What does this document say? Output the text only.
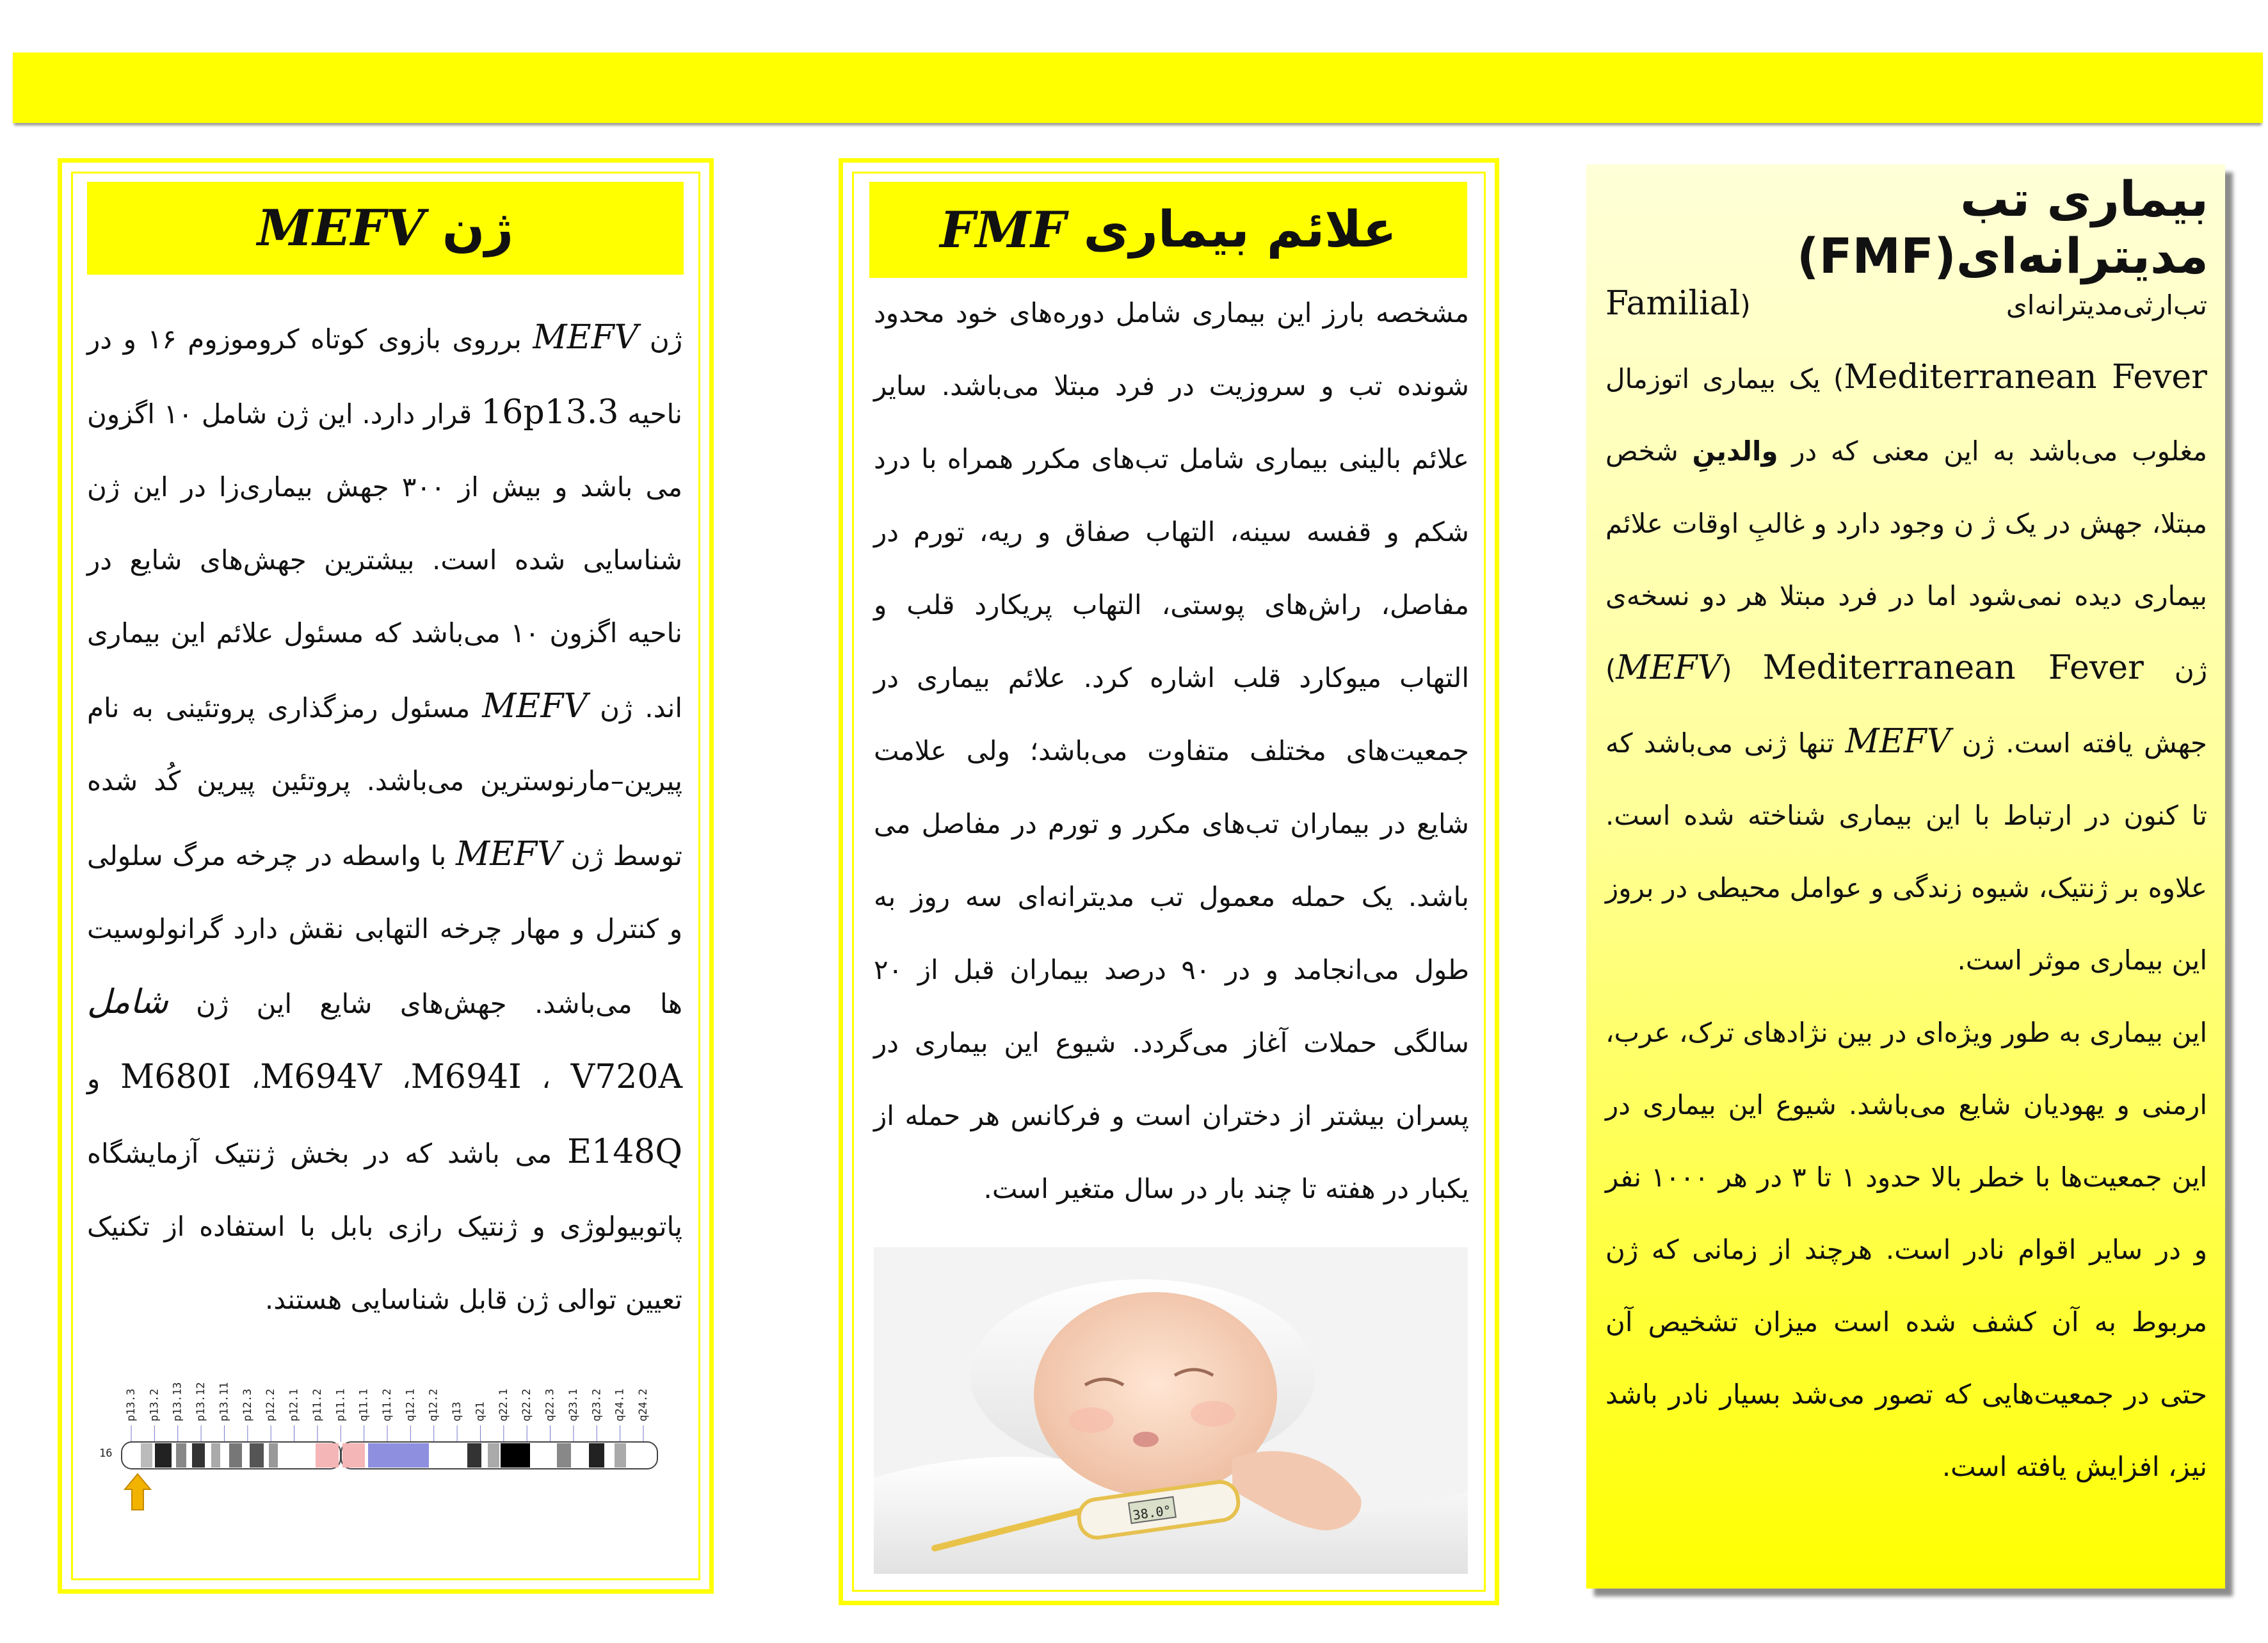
ژن

MEFV

ژن MEFV برروی بازوی کوتاه کروموزوم ۱۶ و در ناحیه 16p13.3 قرار دارد. این ژن شامل ۱۰ اگزون می باشد و بیش از ۳۰۰ جهش بیماری‌زا در این ژن شناسایی شده است. بیشترین جهش‌های شایع در ناحیه اگزون ۱۰ می‌باشد که مسئول علائم این بیماری اند. ژن MEFV مسئول رمزگذاری پروتئینی به نام پیرین–مارنوسترین می‌باشد. پروتئین پیرین کُد شده توسط ژن MEFV با واسطه در چرخه مرگ سلولی و کنترل و مهار چرخه التهابی نقش دارد گرانولوسیت ها می‌باشد. جهش‌های شایع این ژن شامل V720A ، M694I، M694V، M680I و E148Q می باشد که در بخش ژنتیک آزمایشگاه پاتوبیولوژی و ژنتیک رازی بابل با استفاده از تکنیک تعیین توالی ژن قابل شناسایی هستند.

p13.3 p13.2 p13.13 p13.12 p13.11 p12.3 p12.2 p12.1 p11.2 p11.1 q11.1 q11.2 q12.1 q12.2 q13 q21 q22.1 q22.2 q22.3 q23.1 q23.2 q24.1 q24.2
16
علائم بیماری

FMF

مشخصه بارز این بیماری شامل دوره‌های خود محدود شونده تب و سروزیت در فرد مبتلا می‌باشد. سایر علائم بالینی بیماری شامل تب‌های مکرر همراه با درد شکم و قفسه سینه، التهاب صفاق و ریه، تورم در مفاصل، راش‌های پوستی، التهاب پریکارد قلب و التهاب میوکارد قلب اشاره کرد. علائم بیماری در جمعیت‌های مختلف متفاوت می‌باشد؛ ولی علامت شایع در بیماران تب‌های مکرر و تورم در مفاصل می باشد. یک حمله معمول تب مدیترانه‌ای سه روز به طول می‌انجامد و در ۹۰ درصد بیماران قبل از ۲۰ سالگی حملات آغاز می‌گردد. شیوع این بیماری در پسران بیشتر از دختران است و فرکانس هر حمله از یکبار در هفته تا چند بار در سال متغیر است.

38.0°
بیماری تب مدیترانه‌ای(FMF)

تب‌ارثی‌مدیترانه‌ای (Familial Mediterranean Fever) یک بیماری اتوزمال مغلوب می‌باشد به این معنی که در والدینِ شخص مبتلا، جهش در یک ژ ن وجود دارد و غالبِ اوقات علائم بیماری دیده نمی‌شود اما در فرد مبتلا هر دو نسخه‌ی ژن Mediterranean Fever (MEFV) جهش یافته است. ژن MEFV تنها ژنی می‌باشد که تا کنون در ارتباط با این بیماری شناخته شده است. علاوه بر ژنتیک، شیوه زندگی و عوامل محیطی در بروز این بیماری موثر است.

این بیماری به طور ویژه‌ای در بین نژادهای ترک، عرب، ارمنی و یهودیان شایع می‌باشد. شیوع این بیماری در این جمعیت‌ها با خطر بالا حدود ۱ تا ۳ در هر ۱۰۰۰ نفر و در سایر اقوام نادر است. هرچند از زمانی که ژن مربوط به آن کشف شده است میزان تشخیص آن حتی در جمعیت‌هایی که تصور می‌شد بسیار نادر باشد نیز، افزایش یافته است.
